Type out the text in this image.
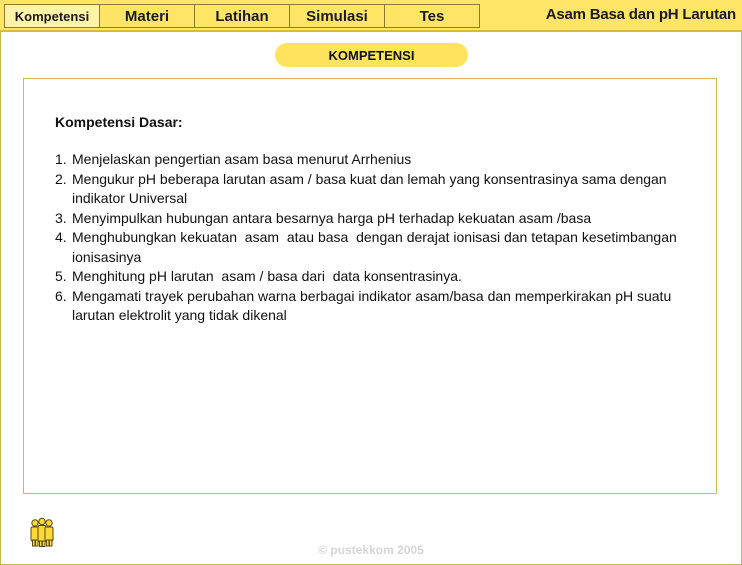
Kompetensi	Materi	Latihan	Simulasi	Tes	Asam Basa dan pH Larutan
KOMPETENSI
Kompetensi Dasar:
1. Menjelaskan pengertian asam basa menurut Arrhenius
2. Mengukur pH beberapa larutan asam / basa kuat dan lemah yang konsentrasinya sama dengan indikator Universal
3. Menyimpulkan hubungan antara besarnya harga pH terhadap kekuatan asam /basa
4. Menghubungkan kekuatan  asam  atau basa  dengan derajat ionisasi dan tetapan kesetimbangan  ionisasinya
5. Menghitung pH larutan  asam / basa dari  data konsentrasinya.
6. Mengamati trayek perubahan warna berbagai indikator asam/basa dan memperkirakan pH suatu larutan elektrolit yang tidak dikenal
© pustekkom 2005
